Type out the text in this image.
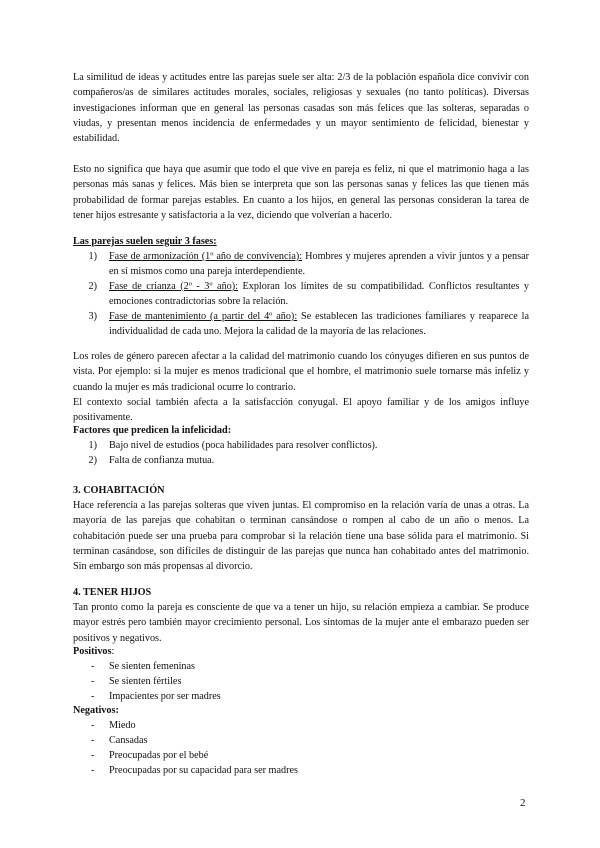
La similitud de ideas y actitudes entre las parejas suele ser alta: 2/3 de la población española dice convivir con compañeros/as de similares actitudes morales, sociales, religiosas y sexuales (no tanto políticas). Diversas investigaciones informan que en general las personas casadas son más felices que las solteras, separadas o viudas, y presentan menos incidencia de enfermedades y un mayor sentimiento de felicidad, bienestar y estabilidad.

Esto no significa que haya que asumir que todo el que vive en pareja es feliz, ni que el matrimonio haga a las personas más sanas y felices. Más bien se interpreta que son las personas sanas y felices las que tienen más probabilidad de formar parejas estables. En cuanto a los hijos, en general las personas consideran la tarea de tener hijos estresante y satisfactoria a la vez, diciendo que volverían a hacerlo.

Las parejas suelen seguir 3 fases:

1)	Fase de armonización (1º año de convivencia): Hombres y mujeres aprenden a vivir juntos y a pensar en sí mismos como una pareja interdependiente.
2)	Fase de crianza (2º - 3º año): Exploran los límites de su compatibilidad. Conflictos resultantes y emociones contradictorias sobre la relación.
3)	Fase de mantenimiento (a partir del 4º año): Se establecen las tradiciones familiares y reaparece la individualidad de cada uno. Mejora la calidad de la mayoría de las relaciones.

Los roles de género parecen afectar a la calidad del matrimonio cuando los cónyuges difieren en sus puntos de vista. Por ejemplo: si la mujer es menos tradicional que el hombre, el matrimonio suele tornarse más infeliz y cuando la mujer es más tradicional ocurre lo contrario.

El contexto social también afecta a la satisfacción conyugal. El apoyo familiar y de los amigos influye positivamente.

Factores que predicen la infelicidad:

1)	Bajo nivel de estudios (poca habilidades para resolver conflictos).
2)	Falta de confianza mutua.

3. COHABITACIÓN

Hace referencia a las parejas solteras que viven juntas. El compromiso en la relación varía de unas a otras. La mayoría de las parejas que cohabitan o terminan cansándose o rompen al cabo de un año o menos. La cohabitación puede ser una prueba para comprobar si la relación tiene una base sólida para el matrimonio. Si terminan casándose, son difíciles de distinguir de las parejas que nunca han cohabitado antes del matrimonio. Sin embargo son más propensas al divorcio.

4. TENER HIJOS

Tan pronto como la pareja es consciente de que va a tener un hijo, su relación empieza a cambiar. Se produce mayor estrés pero también mayor crecimiento personal. Los síntomas de la mujer ante el embarazo pueden ser positivos y negativos.

Positivos:

-	Se sienten femeninas
-	Se sienten fértiles
-	Impacientes por ser madres

Negativos:

-	Miedo
-	Cansadas
-	Preocupadas por el bebé
-	Preocupadas por su capacidad para ser madres
2
